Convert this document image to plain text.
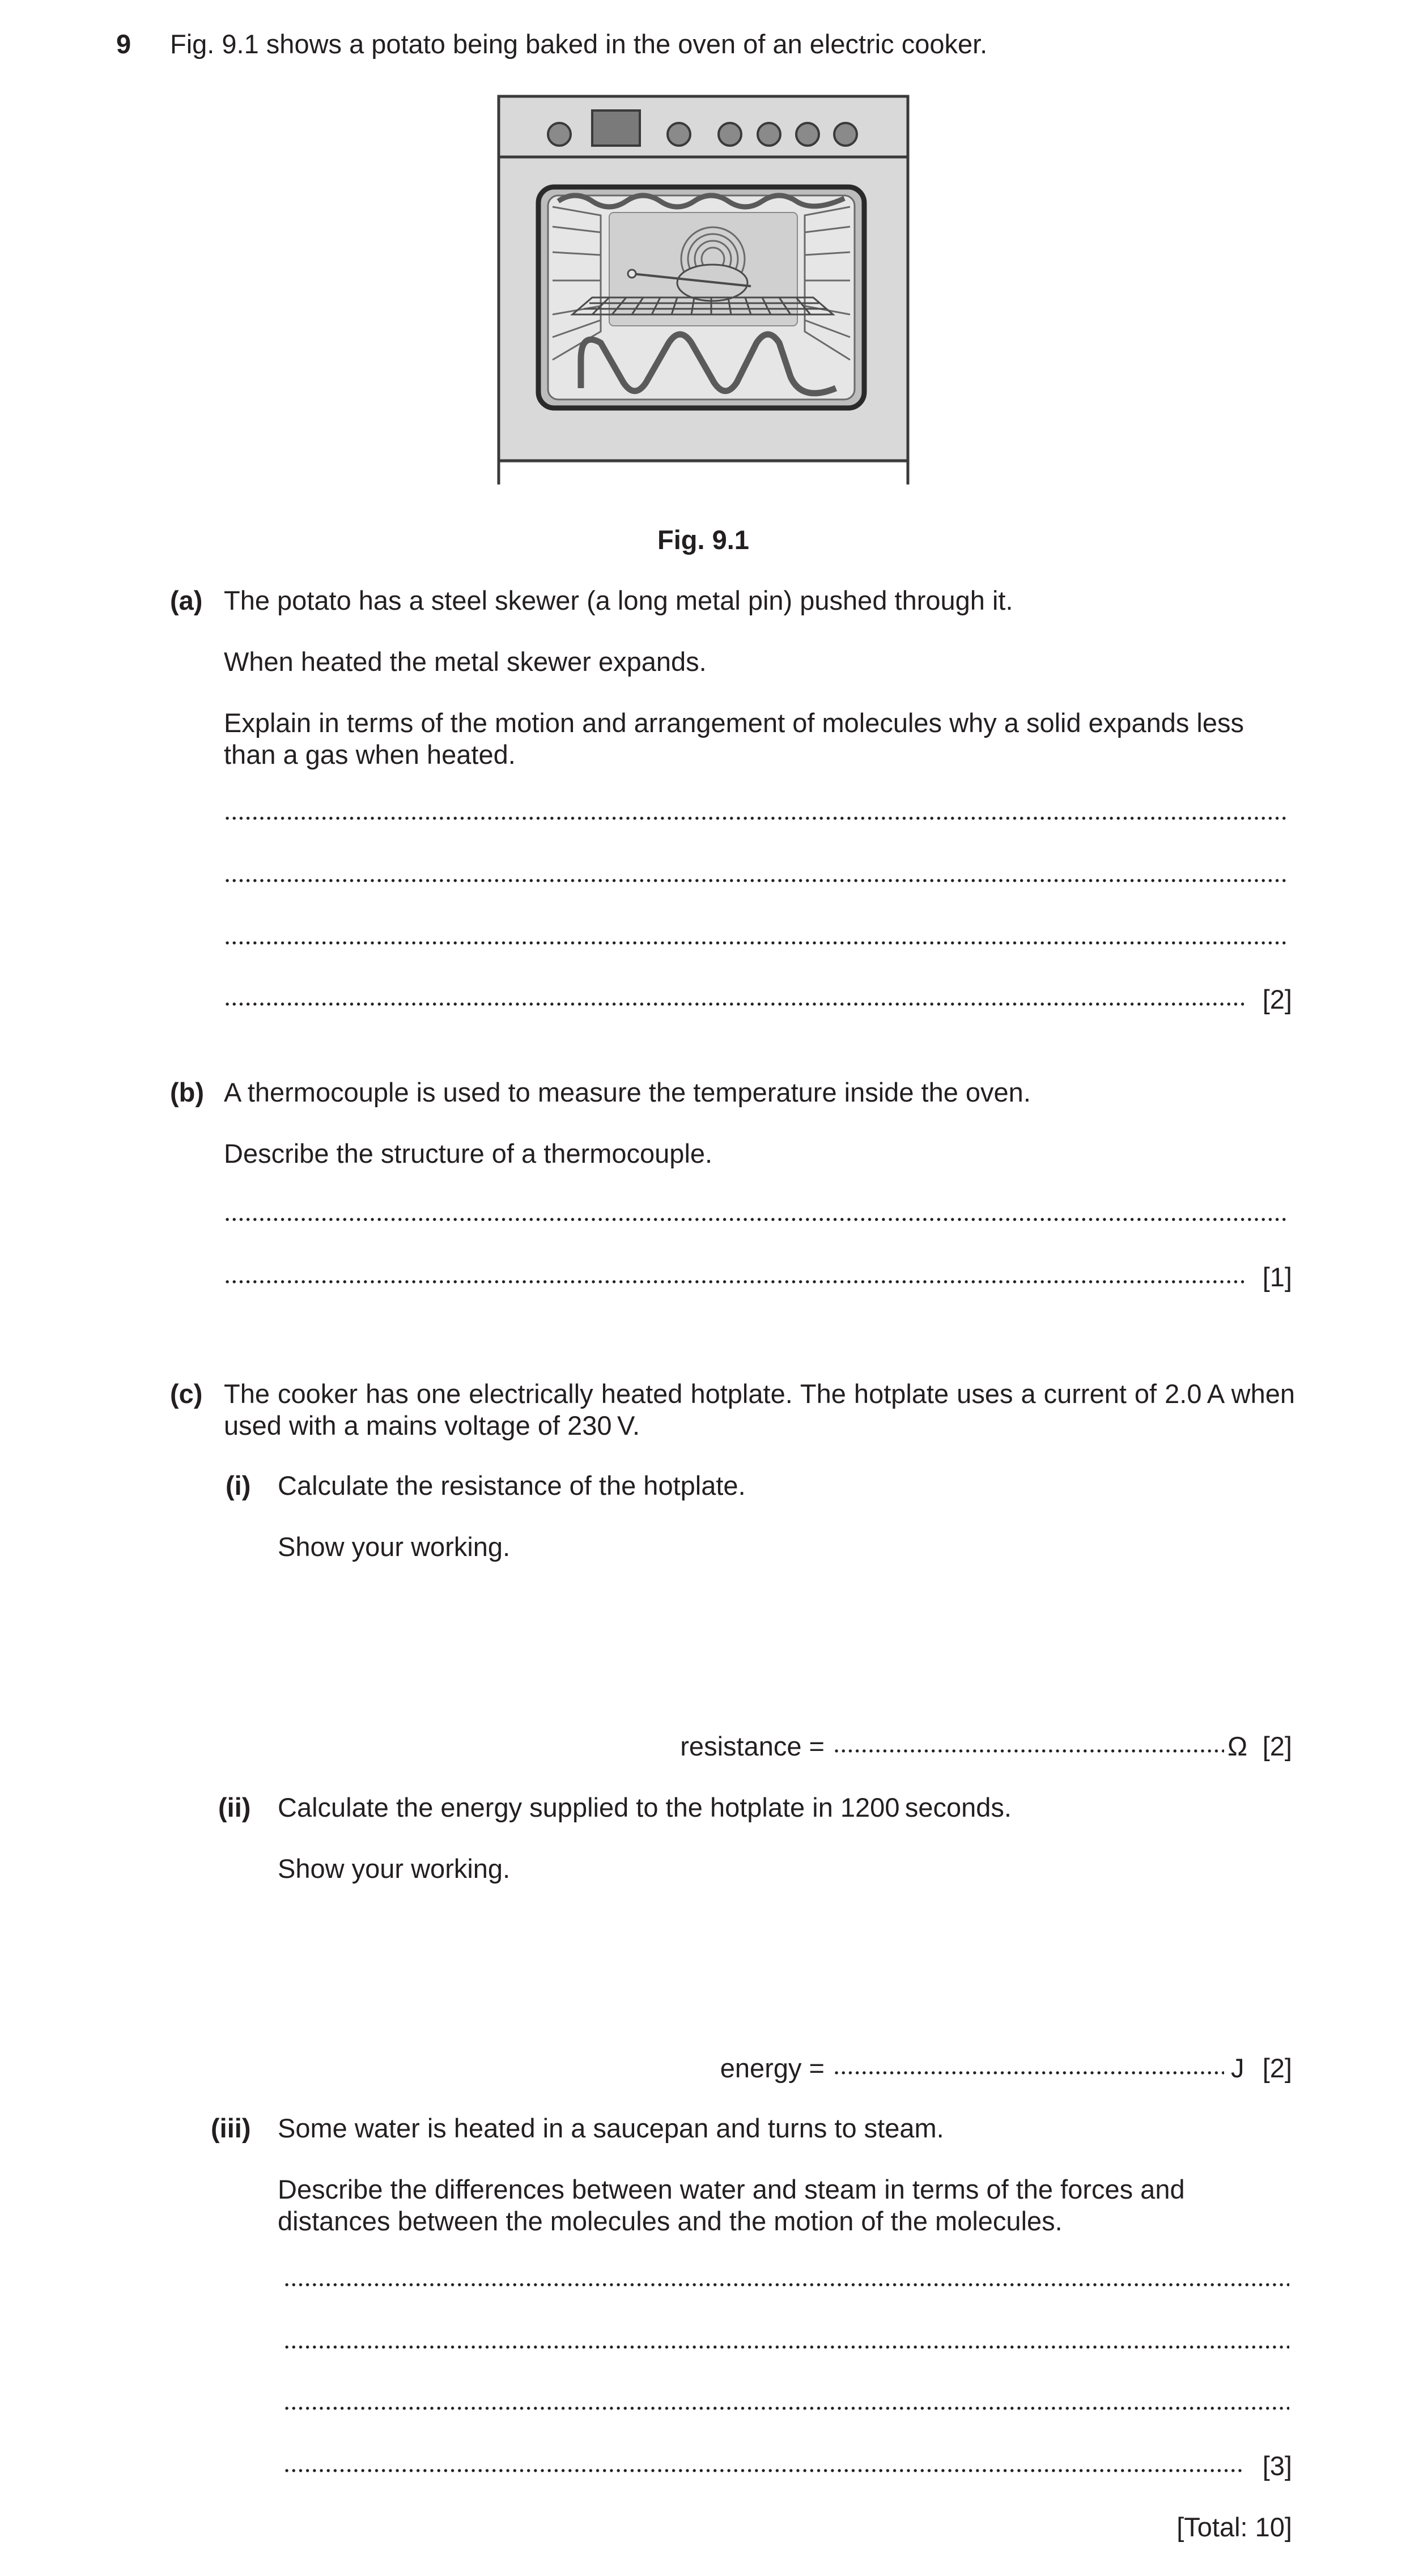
9 Fig. 9.1 shows a potato being baked in the oven of an electric cooker.
Fig. 9.1
(a) The potato has a steel skewer (a long metal pin) pushed through it.
When heated the metal skewer expands.
Explain in terms of the motion and arrangement of molecules why a solid expands less than a gas when heated.
[2]
(b) A thermocouple is used to measure the temperature inside the oven.
Describe the structure of a thermocouple.
[1]
(c) The cooker has one electrically heated hotplate. The hotplate uses a current of 2.0 A when used with a mains voltage of 230 V.
(i) Calculate the resistance of the hotplate.
Show your working.
resistance =	Ω [2]
(ii) Calculate the energy supplied to the hotplate in 1200 seconds.
Show your working.
energy =	J [2]
(iii) Some water is heated in a saucepan and turns to steam.
Describe the differences between water and steam in terms of the forces and distances between the molecules and the motion of the molecules.
[3]
[Total: 10]
